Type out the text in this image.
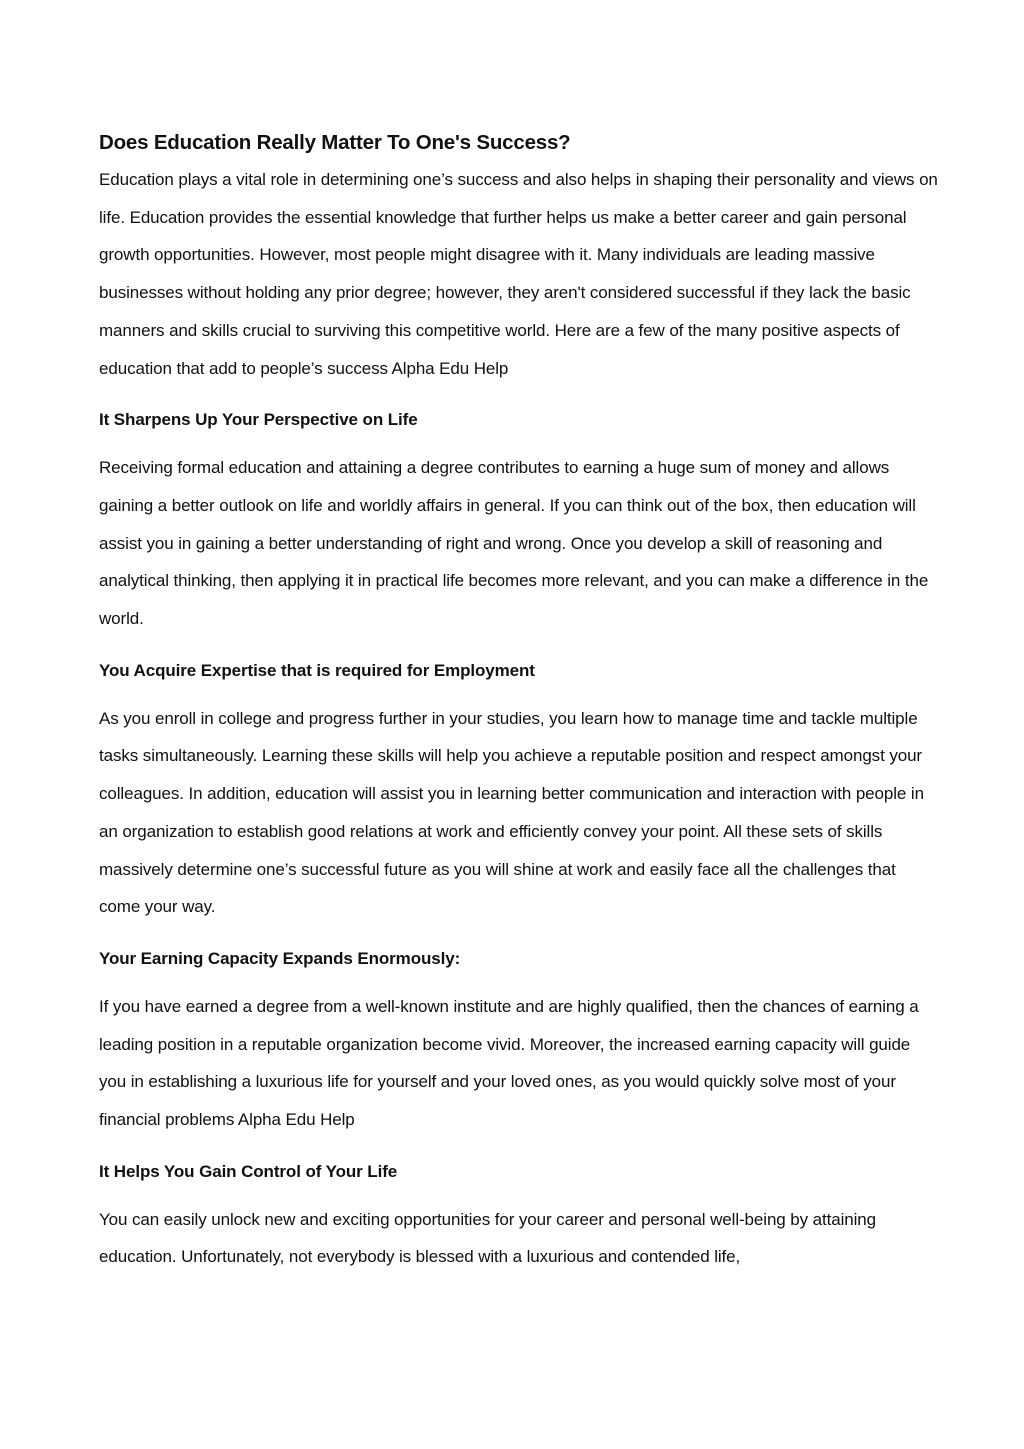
Does Education Really Matter To One's Success?

Education plays a vital role in determining one’s success and also helps in shaping their personality and views on life. Education provides the essential knowledge that further helps us make a better career and gain personal growth opportunities. However, most people might disagree with it. Many individuals are leading massive businesses without holding any prior degree; however, they aren't considered successful if they lack the basic manners and skills crucial to surviving this competitive world. Here are a few of the many positive aspects of education that add to people’s success Alpha Edu Help

It Sharpens Up Your Perspective on Life

Receiving formal education and attaining a degree contributes to earning a huge sum of money and allows gaining a better outlook on life and worldly affairs in general. If you can think out of the box, then education will assist you in gaining a better understanding of right and wrong. Once you develop a skill of reasoning and analytical thinking, then applying it in practical life becomes more relevant, and you can make a difference in the world.

You Acquire Expertise that is required for Employment

As you enroll in college and progress further in your studies, you learn how to manage time and tackle multiple tasks simultaneously. Learning these skills will help you achieve a reputable position and respect amongst your colleagues. In addition, education will assist you in learning better communication and interaction with people in an organization to establish good relations at work and efficiently convey your point. All these sets of skills massively determine one’s successful future as you will shine at work and easily face all the challenges that come your way.

Your Earning Capacity Expands Enormously:

If you have earned a degree from a well-known institute and are highly qualified, then the chances of earning a leading position in a reputable organization become vivid. Moreover, the increased earning capacity will guide you in establishing a luxurious life for yourself and your loved ones, as you would quickly solve most of your financial problems Alpha Edu Help

It Helps You Gain Control of Your Life

You can easily unlock new and exciting opportunities for your career and personal well-being by attaining education. Unfortunately, not everybody is blessed with a luxurious and contended life,
